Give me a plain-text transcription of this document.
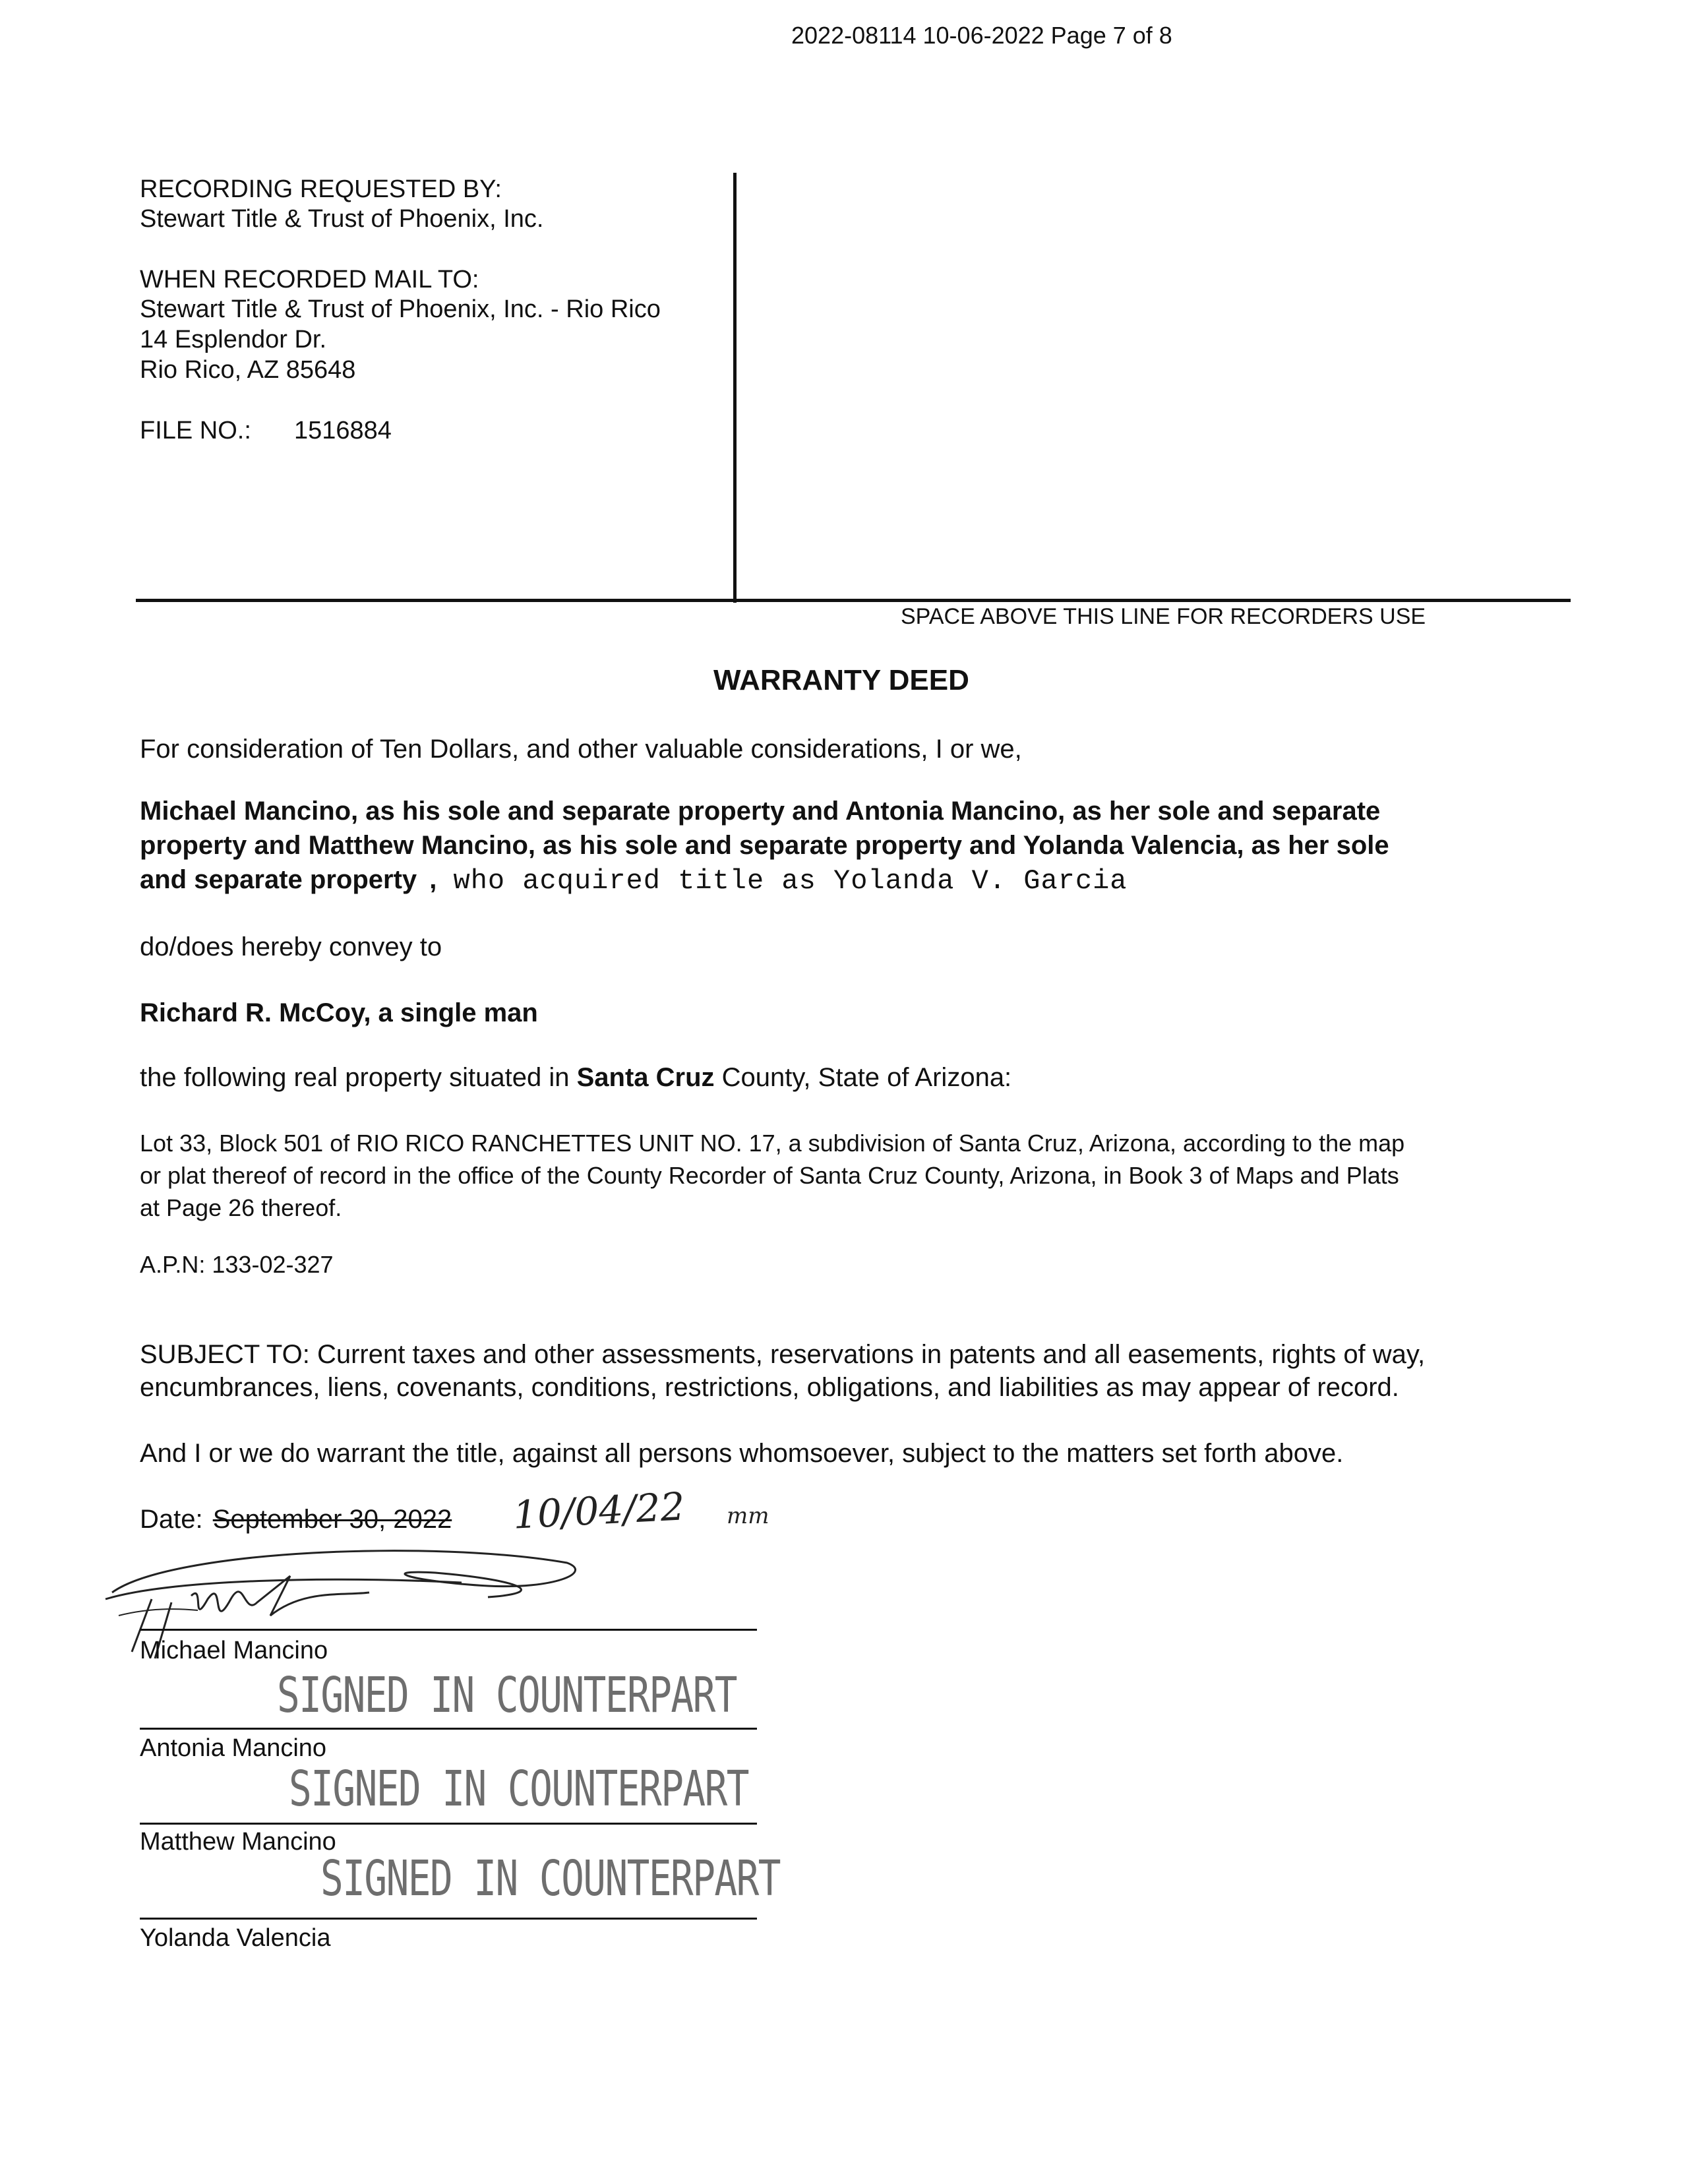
2022-08114 10-06-2022 Page 7 of 8
RECORDING REQUESTED BY:
Stewart Title & Trust of Phoenix, Inc.
WHEN RECORDED MAIL TO:
Stewart Title & Trust of Phoenix, Inc. - Rio Rico
14 Esplendor Dr.
Rio Rico, AZ 85648
FILE NO.: 1516884
SPACE ABOVE THIS LINE FOR RECORDERS USE
WARRANTY DEED
For consideration of Ten Dollars, and other valuable considerations, I or we,
Michael Mancino, as his sole and separate property and Antonia Mancino, as her sole and separate
property and Matthew Mancino, as his sole and separate property and Yolanda Valencia, as her sole
and separate property , who acquired title as Yolanda V. Garcia
do/does hereby convey to
Richard R. McCoy, a single man
the following real property situated in Santa Cruz County, State of Arizona:
Lot 33, Block 501 of RIO RICO RANCHETTES UNIT NO. 17, a subdivision of Santa Cruz, Arizona, according to the map
or plat thereof of record in the office of the County Recorder of Santa Cruz County, Arizona, in Book 3 of Maps and Plats
at Page 26 thereof.
A.P.N: 133-02-327
SUBJECT TO: Current taxes and other assessments, reservations in patents and all easements, rights of way,
encumbrances, liens, covenants, conditions, restrictions, obligations, and liabilities as may appear of record.
And I or we do warrant the title, against all persons whomsoever, subject to the matters set forth above.
Date: September 30, 2022 10/04/22 mm
Michael Mancino
SIGNED IN COUNTERPART
Antonia Mancino
SIGNED IN COUNTERPART
Matthew Mancino
SIGNED IN COUNTERPART
Yolanda Valencia
